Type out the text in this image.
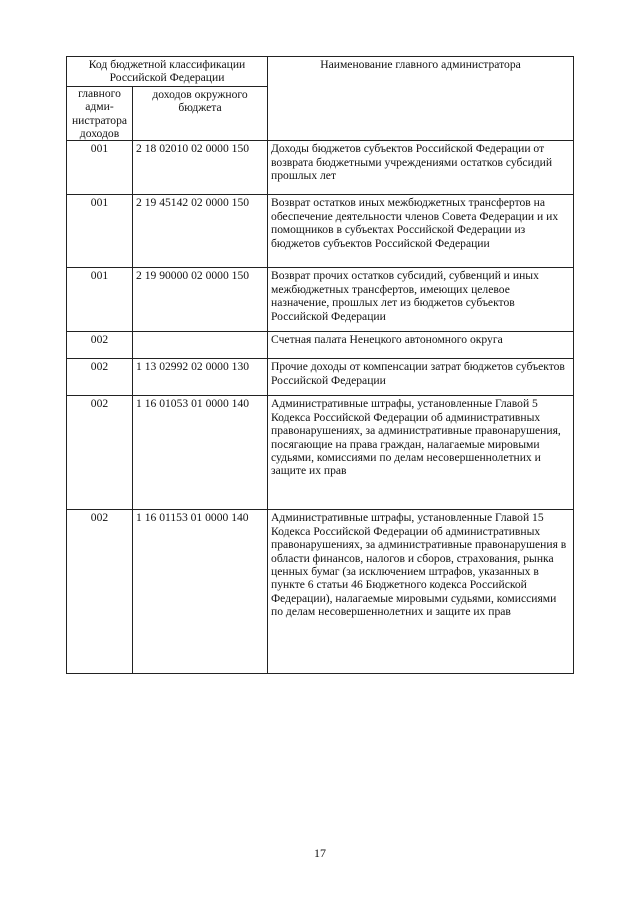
Код бюджетной классификации Российской Федерации		Наименование главного администратора
главного адми-нистратора доходов	доходов окружного бюджета	
001	2 18 02010 02 0000 150	Доходы бюджетов субъектов Российской Федерации от возврата бюджетными учреждениями остатков субсидий прошлых лет
001	2 19 45142 02 0000 150	Возврат остатков иных межбюджетных трансфертов на обеспечение деятельности членов Совета Федерации и их помощников в субъектах Российской Федерации из бюджетов субъектов Российской Федерации
001	2 19 90000 02 0000 150	Возврат прочих остатков субсидий, субвенций и иных межбюджетных трансфертов, имеющих целевое назначение, прошлых лет из бюджетов субъектов Российской Федерации
002		Счетная палата Ненецкого автономного округа
002	1 13 02992 02 0000 130	Прочие доходы от компенсации затрат бюджетов субъектов Российской Федерации
002	1 16 01053 01 0000 140	Административные штрафы, установленные Главой 5 Кодекса Российской Федерации об административных правонарушениях, за административные правонарушения, посягающие на права граждан, налагаемые мировыми судьями, комиссиями по делам несовершеннолетних и защите их прав
002	1 16 01153 01 0000 140	Административные штрафы, установленные Главой 15 Кодекса Российской Федерации об административных правонарушениях, за административные правонарушения в области финансов, налогов и сборов, страхования, рынка ценных бумаг (за исключением штрафов, указанных в пункте 6 статьи 46 Бюджетного кодекса Российской Федерации), налагаемые мировыми судьями, комиссиями по делам несовершеннолетних и защите их прав
17
